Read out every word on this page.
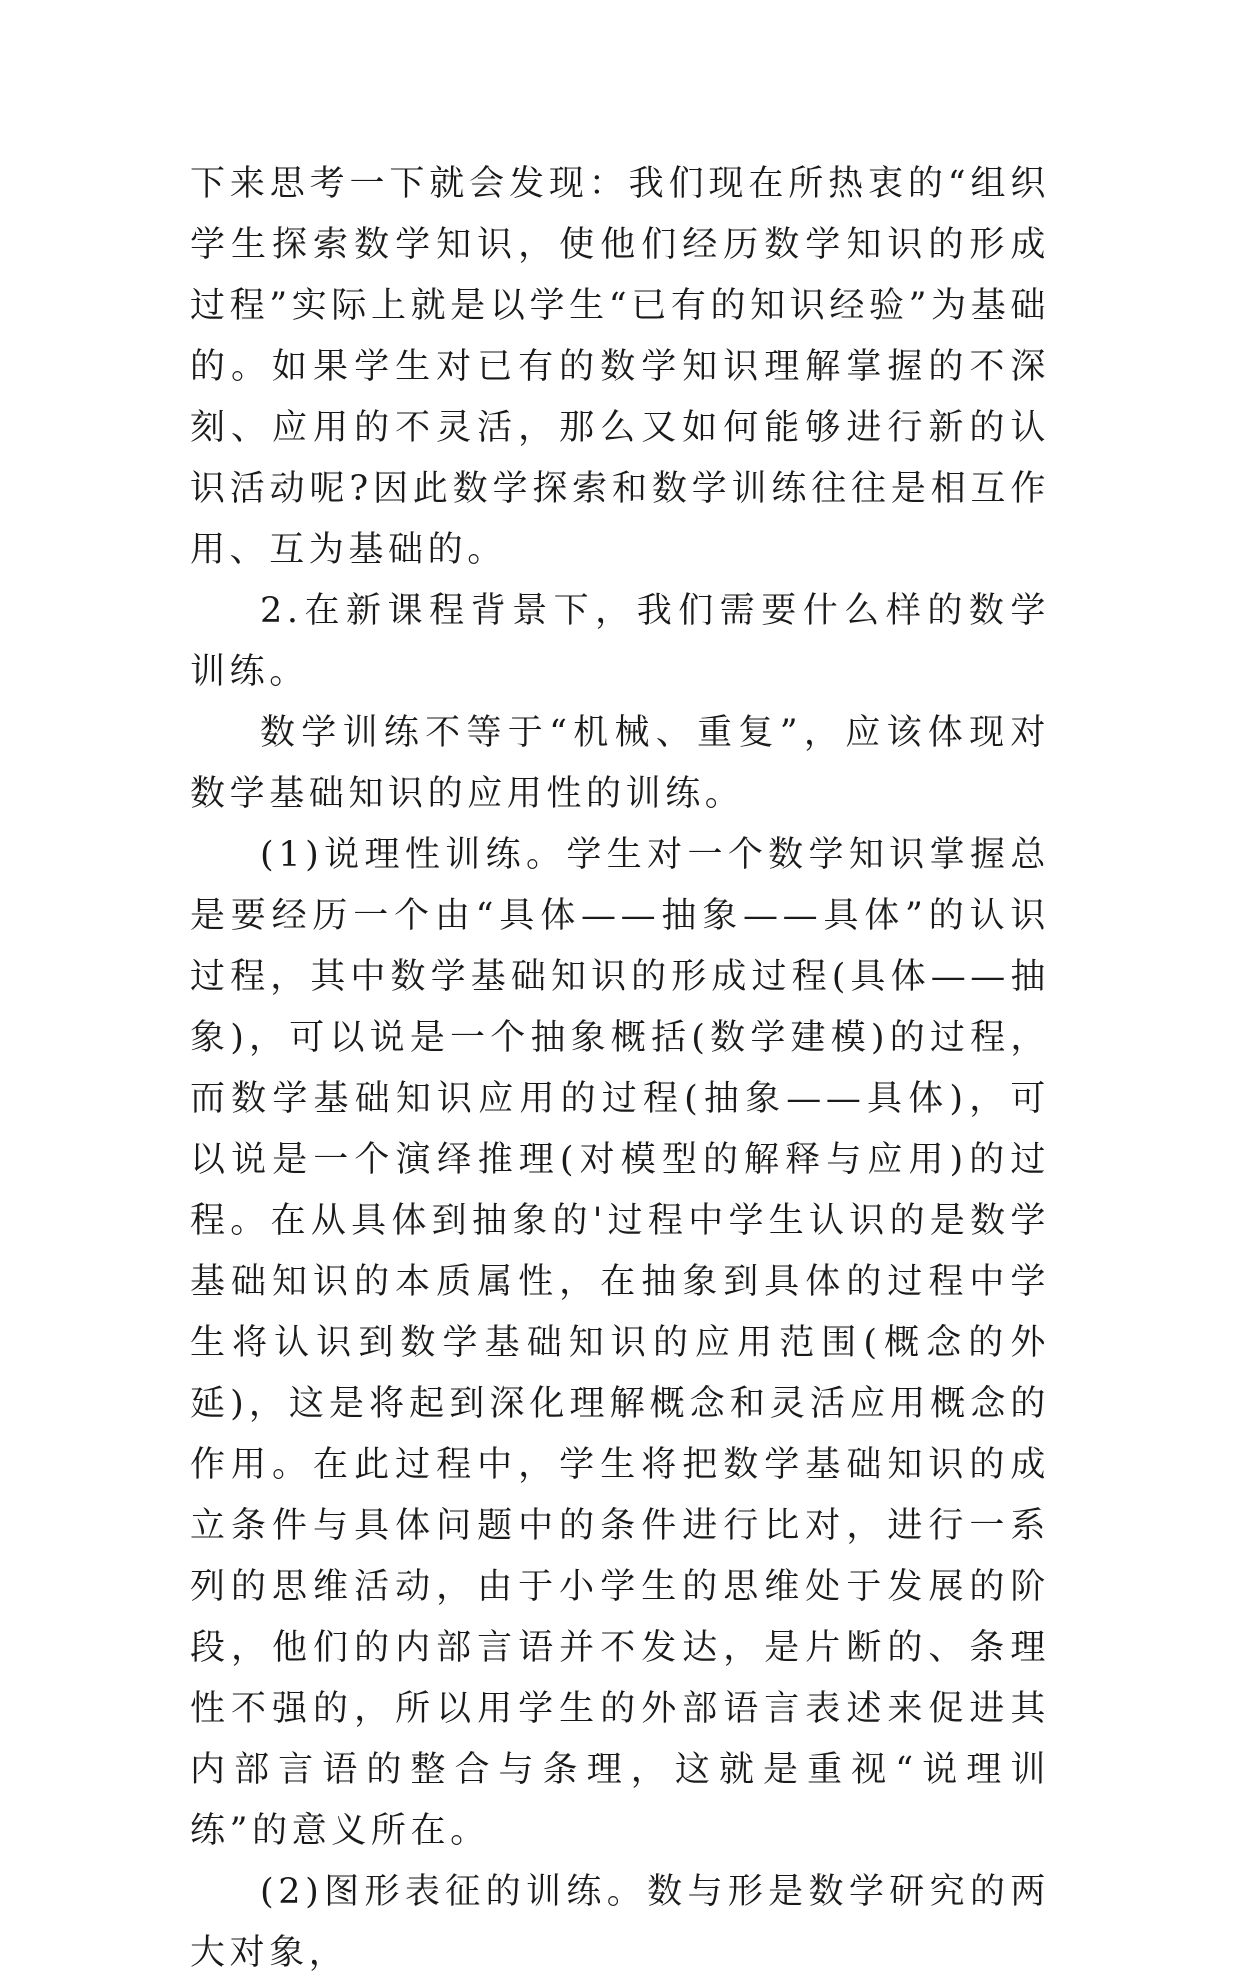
下来思考一下就会发现：我们现在所热衷的“组织学生探索数学知识，使他们经历数学知识的形成过程”实际上就是以学生“已有的知识经验”为基础的。如果学生对已有的数学知识理解掌握的不深刻、应用的不灵活，那么又如何能够进行新的认识活动呢?因此数学探索和数学训练往往是相互作用、互为基础的。

2.在新课程背景下，我们需要什么样的数学训练。

数学训练不等于“机械、重复”，应该体现对数学基础知识的应用性的训练。

(1)说理性训练。学生对一个数学知识掌握总是要经历一个由“具体——抽象——具体”的认识过程，其中数学基础知识的形成过程(具体——抽象)，可以说是一个抽象概括(数学建模)的过程，而数学基础知识应用的过程(抽象——具体)，可以说是一个演绎推理(对模型的解释与应用)的过程。在从具体到抽象的'过程中学生认识的是数学基础知识的本质属性，在抽象到具体的过程中学生将认识到数学基础知识的应用范围(概念的外延)，这是将起到深化理解概念和灵活应用概念的作用。在此过程中，学生将把数学基础知识的成立条件与具体问题中的条件进行比对，进行一系列的思维活动，由于小学生的思维处于发展的阶段，他们的内部言语并不发达，是片断的、条理性不强的，所以用学生的外部语言表述来促进其内部言语的整合与条理，这就是重视“说理训练”的意义所在。

(2)图形表征的训练。数与形是数学研究的两大对象，
